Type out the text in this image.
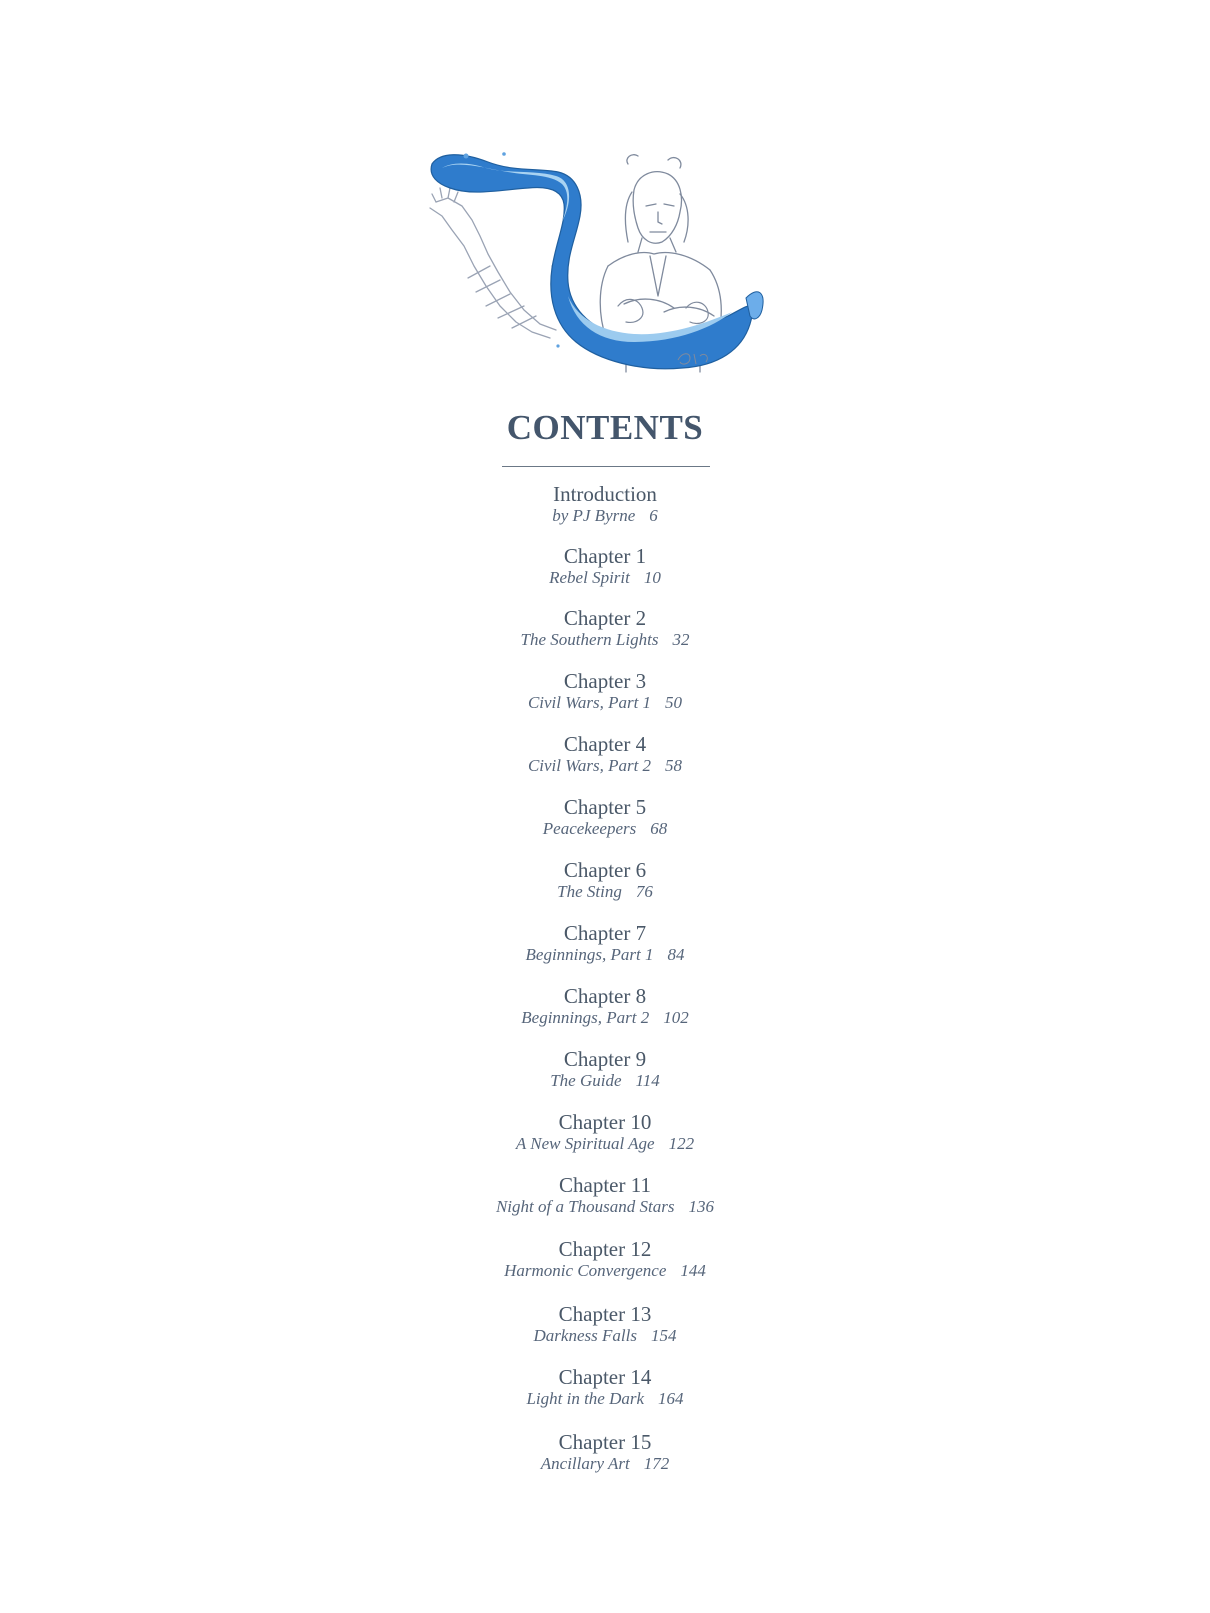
CONTENTS
Introduction
by PJ Byrne 6
Chapter 1
Rebel Spirit 10
Chapter 2
The Southern Lights 32
Chapter 3
Civil Wars, Part 1 50
Chapter 4
Civil Wars, Part 2 58
Chapter 5
Peacekeepers 68
Chapter 6
The Sting 76
Chapter 7
Beginnings, Part 1 84
Chapter 8
Beginnings, Part 2 102
Chapter 9
The Guide 114
Chapter 10
A New Spiritual Age 122
Chapter 11
Night of a Thousand Stars 136
Chapter 12
Harmonic Convergence 144
Chapter 13
Darkness Falls 154
Chapter 14
Light in the Dark 164
Chapter 15
Ancillary Art 172
